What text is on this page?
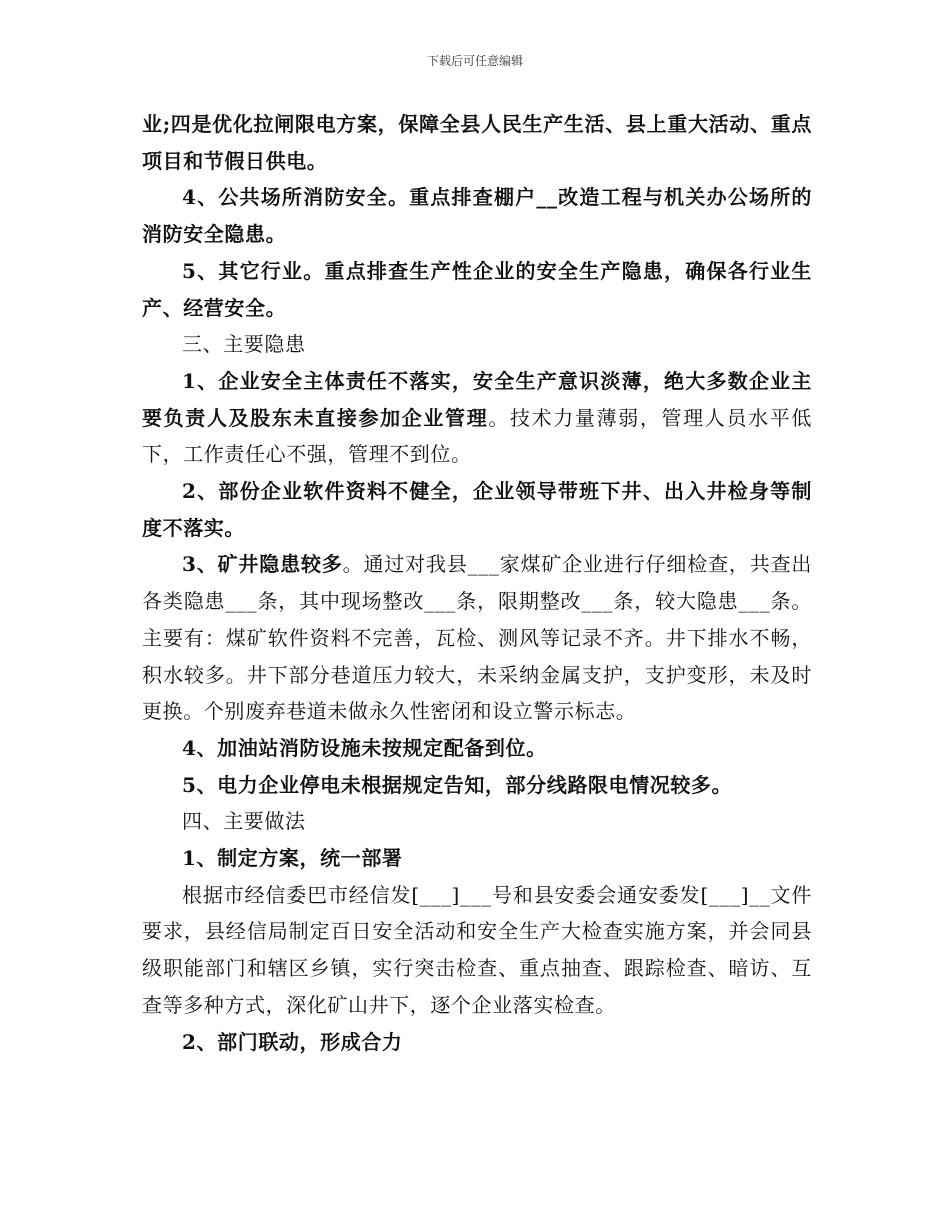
下载后可任意编辑

业;四是优化拉闸限电方案，保障全县人民生产生活、县上重大活动、重点项目和节假日供电。

4、公共场所消防安全。重点排查棚户__改造工程与机关办公场所的消防安全隐患。

5、其它行业。重点排查生产性企业的安全生产隐患，确保各行业生产、经营安全。

三、主要隐患

1、企业安全主体责任不落实，安全生产意识淡薄，绝大多数企业主要负责人及股东未直接参加企业管理。技术力量薄弱，管理人员水平低下，工作责任心不强，管理不到位。

2、部份企业软件资料不健全，企业领导带班下井、出入井检身等制度不落实。

3、矿井隐患较多。通过对我县___家煤矿企业进行仔细检查，共查出各类隐患___条，其中现场整改___条，限期整改___条，较大隐患___条。主要有：煤矿软件资料不完善，瓦检、测风等记录不齐。井下排水不畅，积水较多。井下部分巷道压力较大，未采纳金属支护，支护变形，未及时更换。个别废弃巷道未做永久性密闭和设立警示标志。

4、加油站消防设施未按规定配备到位。

5、电力企业停电未根据规定告知，部分线路限电情况较多。

四、主要做法

1、制定方案，统一部署

根据市经信委巴市经信发[___]___号和县安委会通安委发[___]__文件要求，县经信局制定百日安全活动和安全生产大检查实施方案，并会同县级职能部门和辖区乡镇，实行突击检查、重点抽查、跟踪检查、暗访、互查等多种方式，深化矿山井下，逐个企业落实检查。

2、部门联动，形成合力
